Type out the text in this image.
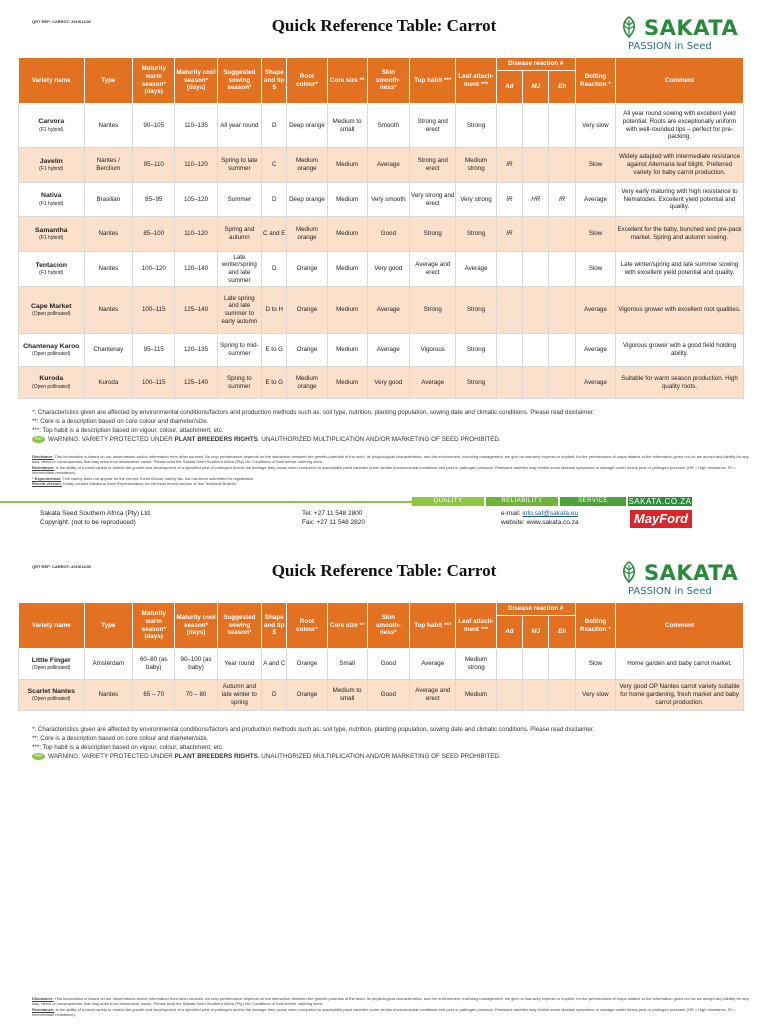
QRT REF: CARROT: 2019/11/30	Quick Reference Table: Carrot	SAKATA
PASSION in Seed
Variety name	Type	Maturity warm season* (days)	Maturity cool season* (days)	Suggested sowing season*	Shape and tip $	Root colour*	Core size **	Skin smooth-ness*	Top habit ***	Leaf attach-ment ***	Disease reaction #			Bolting Reaction *	Comment
											Ad	MJ	Eh		

Carvora
(F1 hybrid)	Nantes	90–105	110–135	All year round	D	Deep orange	Medium to small	Smooth	Strong and erect	Strong				Very slow	All year round sowing with excellent yield potential. Roots are exceptionally uniform with well-rounded tips – perfect for pre-packing.

Javelin
(F1 hybrid)	Nantes / Berclium	95–110	110–120	Spring to late summer	C	Medium orange	Medium	Average	Strong and erect	Medium strong	IR			Slow	Widely adapted with intermediate resistance against Alternaria leaf blight. Preferred variety for baby carrot production.

Nativa
(F1 hybrid)	Brasilian	85–95	105–120	Summer	D	Deep orange	Medium	Very smooth	Very strong and erect	Very strong	IR	HR	IR	Average	Very early maturing with high resistance to Nematodes. Excellent yield potential and quality.

Samantha
(F1 hybrid)	Nantes	85–100	110–120	Spring and autumn	C and E	Medium orange	Medium	Good	Strong	Strong	IR			Slow	Excellent for the baby, bunched and pre-pack market. Spring and autumn sowing.

Tentacion
(F1 hybrid)	Nantes	100–120	120–140	Late winter/spring and late summer	D	Orange	Medium	Very good	Average and erect	Average				Slow	Late winter/spring and late summer sowing with excellent yield potential and quality.

Cape Market
(Open pollinated)	Nantes	100–115	125–140	Late spring and late summer to early autumn	D to H	Orange	Medium	Average	Strong	Strong				Average	Vigorous grower with excellent root qualities.

Chantenay Karoo
(Open pollinated)	Chantenay	95–115	120–135	Spring to mid-summer	E to G	Orange	Medium	Average	Vigorous	Strong				Average	Vigorous grower with a good field holding ability.

Kuroda
(Open pollinated)	Kuroda	100–115	125–140	Spring to summer	E to G	Medium orange	Medium	Very good	Average	Strong				Average	Suitable for warm season production. High quality roots.
*: Characteristics given are affected by environmental conditions/factors and production methods such as: soil type, nutrition, planting population, sowing date and climatic conditions. Please read disclaimer.
**: Core is a description based on core colour and diameter/size.
***: Top habit is a description based on vigour, colour, attachment, etc.
PBR WARNING: VARIETY PROTECTED UNDER PLANT BREEDERS RIGHTS. UNAUTHORIZED MULTIPLICATION AND/OR MARKETING OF SEED PROHIBITED.
Disclaimer: This information is based on our observations and/or information from other sources. As crop performance depends on the interaction between the genetic potential of the seed, its physiological characteristics, and the environment, including management, we give no warranty express or implied, for the performance of crops relative to the information given nor do we accept any liability for any loss, direct or consequential, that may arise from whatsoever cause. Please read the Sakata Seed Southern Africa (Pty) Ltd Conditions of Sale before ordering seed.
Resistance: is the ability of a plant variety to restrict the growth and development of a specified pest or pathogen and/or the damage they cause when compared to susceptible plant varieties under similar environmental conditions and pest or pathogen pressure. Resistant varieties may exhibit some disease symptoms or damage under heavy pest or pathogen pressure (HR = High resistance, IR = Intermediate resistance).
* Experimental: This variety does not appear on the current South African Variety list, but has been submitted for registration.
Recent version: Kindly contact Sakata or Area Representative for the most recent version of this Technical Bulletin.
QUALITY	RELIABILITY	SERVICE	SAKATA.CO.ZA
Sakata Seed Southern Africa (Pty) Ltd.
Copyright: (not to be reproduced)
Tel: +27 11 548 2800
Fax: +27 11 548 2820
e-mail: info.saf@sakata.eu
website: www.sakata.co.za	MayFord
QRT REF: CARROT: 2019/11/30	Quick Reference Table: Carrot	SAKATA
PASSION in Seed
Variety name	Type	Maturity warm season* (days)	Maturity cool season* (days)	Suggested sowing season*	Shape and tip $	Root colour*	Core size **	Skin smooth-ness*	Top habit ***	Leaf attach-ment ***	Disease reaction #			Bolting Reaction *	Comment
											Ad	MJ	Eh		

Little Finger
(Open pollinated)	Amsterdam	60–80 (as baby)	90–100 (as baby)	Year round	A and C	Orange	Small	Good	Average	Medium strong				Slow	Home garden and baby carrot market.

Scarlet Nantes
(Open pollinated)	Nantes	65 – 70	70 – 80	Autumn and late winter to spring	D	Orange	Medium to small	Good	Average and erect	Medium				Very slow	Very good OP Nantes carrot variety suitable for home gardening, fresh market and baby carrot production.
*: Characteristics given are affected by environmental conditions/factors and production methods such as: soil type, nutrition, planting population, sowing date and climatic conditions. Please read disclaimer.
**: Core is a description based on core colour and diameter/size.
***: Top habit is a description based on vigour, colour, attachment, etc.
PBR WARNING: VARIETY PROTECTED UNDER PLANT BREEDERS RIGHTS. UNAUTHORIZED MULTIPLICATION AND/OR MARKETING OF SEED PROHIBITED.
Disclaimer: This information is based on our observations and/or information from other sources. As crop performance depends on the interaction between the genetic potential of the seed, its physiological characteristics, and the environment, including management, we give no warranty express or implied, for the performance of crops relative to the information given nor do we accept any liability for any loss, direct or consequential, that may arise from whatsoever cause. Please read the Sakata Seed Southern Africa (Pty) Ltd Conditions of Sale before ordering seed.
Resistance: is the ability of a plant variety to restrict the growth and development of a specified pest or pathogen and/or the damage they cause when compared to susceptible plant varieties under similar environmental conditions and pest or pathogen pressure. Resistant varieties may exhibit some disease symptoms or damage under heavy pest or pathogen pressure (HR = High resistance, IR = Intermediate resistance).
